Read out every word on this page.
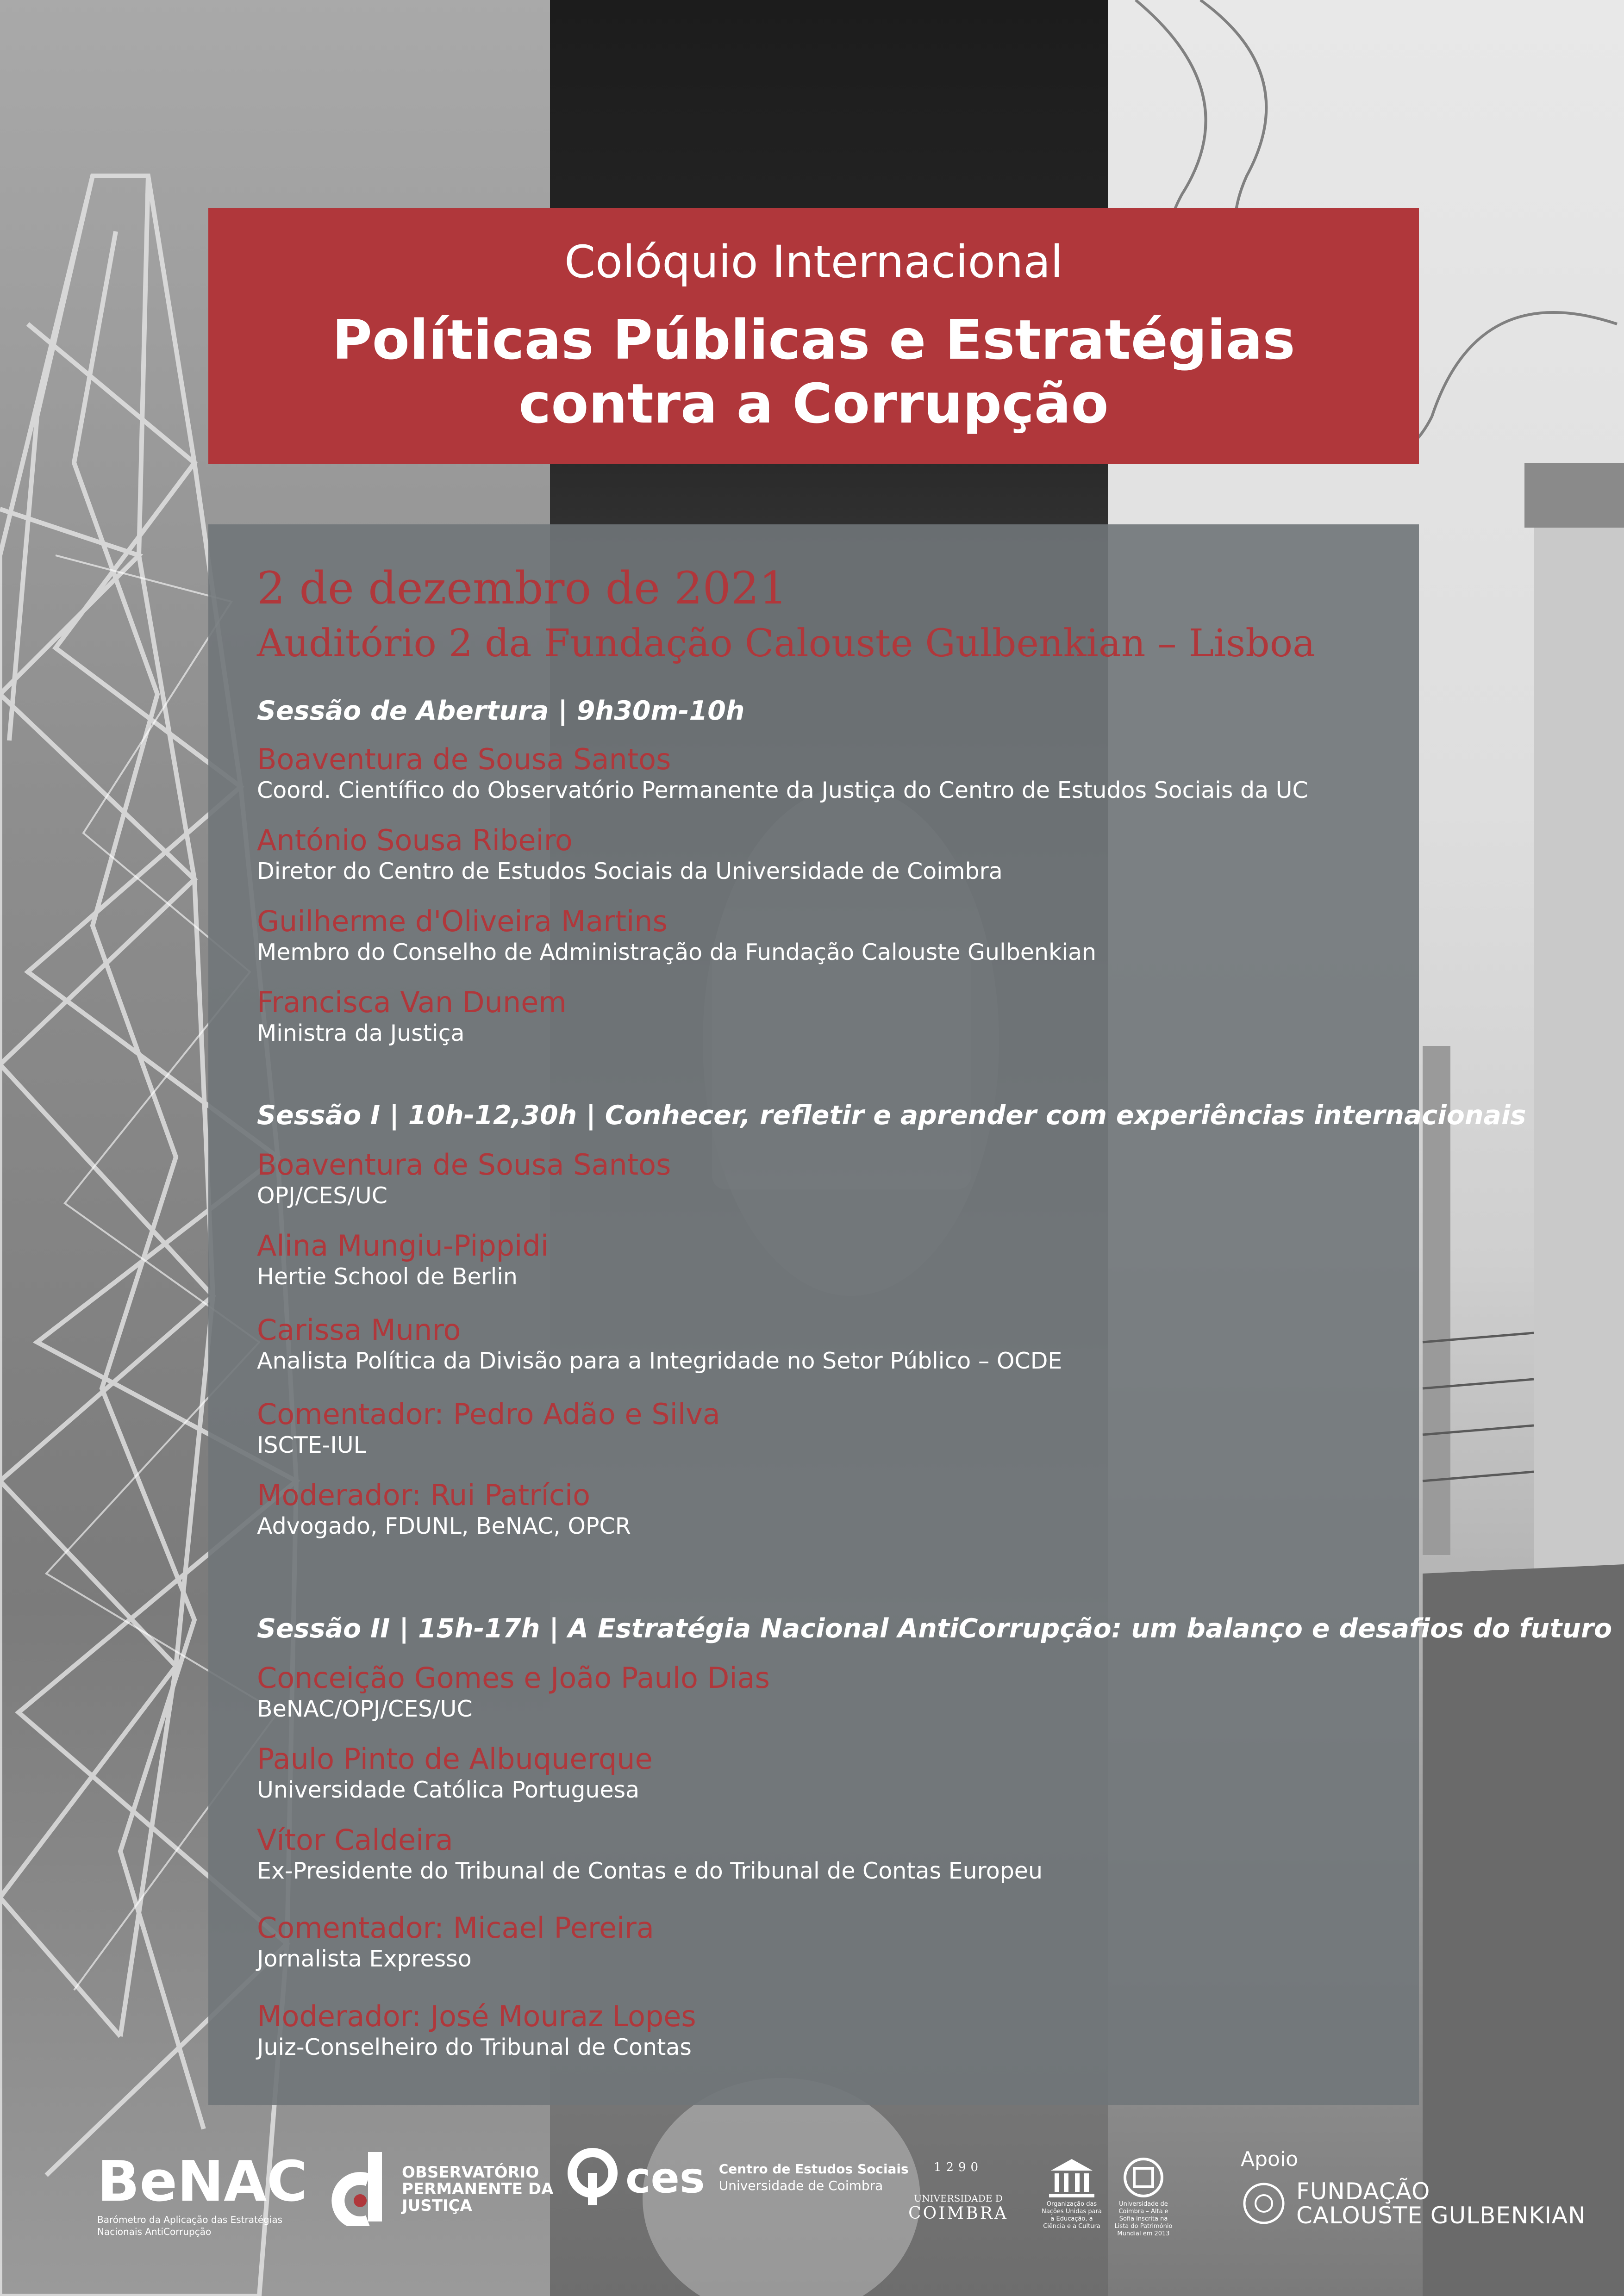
Colóquio Internacional
Políticas Públicas e Estratégias
contra a Corrupção
2 de dezembro de 2021
Auditório 2 da Fundação Calouste Gulbenkian – Lisboa
Sessão de Abertura | 9h30m-10h
Boaventura de Sousa Santos
Coord. Científico do Observatório Permanente da Justiça do Centro de Estudos Sociais da UC
António Sousa Ribeiro
Diretor do Centro de Estudos Sociais da Universidade de Coimbra
Guilherme d'Oliveira Martins
Membro do Conselho de Administração da Fundação Calouste Gulbenkian
Francisca Van Dunem
Ministra da Justiça
Sessão I | 10h-12,30h | Conhecer, refletir e aprender com experiências internacionais
Boaventura de Sousa Santos
OPJ/CES/UC
Alina Mungiu-Pippidi
Hertie School de Berlin
Carissa Munro
Analista Política da Divisão para a Integridade no Setor Público – OCDE
Comentador: Pedro Adão e Silva
ISCTE-IUL
Moderador: Rui Patrício
Advogado, FDUNL, BeNAC, OPCR
Sessão II | 15h-17h | A Estratégia Nacional AntiCorrupção: um balanço e desafios do futuro
Conceição Gomes e João Paulo Dias
BeNAC/OPJ/CES/UC
Paulo Pinto de Albuquerque
Universidade Católica Portuguesa
Vítor Caldeira
Ex-Presidente do Tribunal de Contas e do Tribunal de Contas Europeu
Comentador: Micael Pereira
Jornalista Expresso
Moderador: José Mouraz Lopes
Juiz-Conselheiro do Tribunal de Contas
BeNAC
Barómetro da Aplicação das Estratégias Nacionais AntiCorrupção
OBSERVATÓRIO
PERMANENTE DA
JUSTIÇA
ces Centro de Estudos Sociais
Universidade de Coimbra
1290
UNIVERSIDADE D
COIMBRA	Organização das Nações Unidas para a Educação, a Ciência e a Cultura
Universidade de Coimbra – Alta e Sofia inscrita na Lista do Património Mundial em 2013
Apoio
FUNDAÇÃO
CALOUSTE GULBENKIAN
